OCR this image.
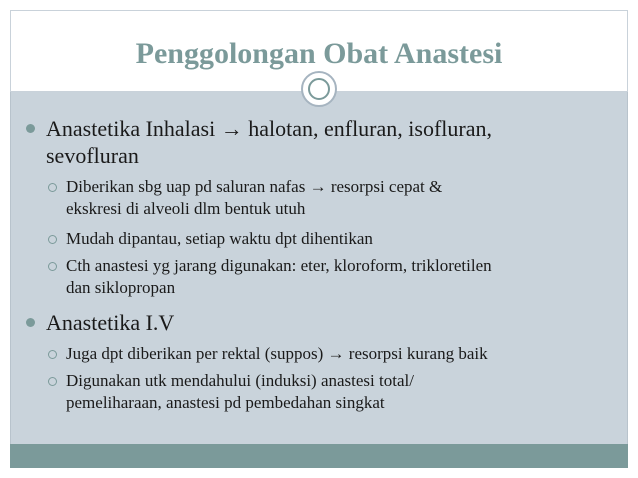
Penggolongan Obat Anastesi
Anastetika Inhalasi → halotan, enfluran, isofluran,
sevofluran
Diberikan sbg uap pd saluran nafas → resorpsi cepat &
ekskresi di alveoli dlm bentuk utuh
Mudah dipantau, setiap waktu dpt dihentikan
Cth anastesi yg jarang digunakan: eter, kloroform, trikloretilen
dan siklopropan
Anastetika I.V
Juga dpt diberikan per rektal (suppos) → resorpsi kurang baik
Digunakan utk mendahului (induksi) anastesi total/
pemeliharaan, anastesi pd pembedahan singkat
